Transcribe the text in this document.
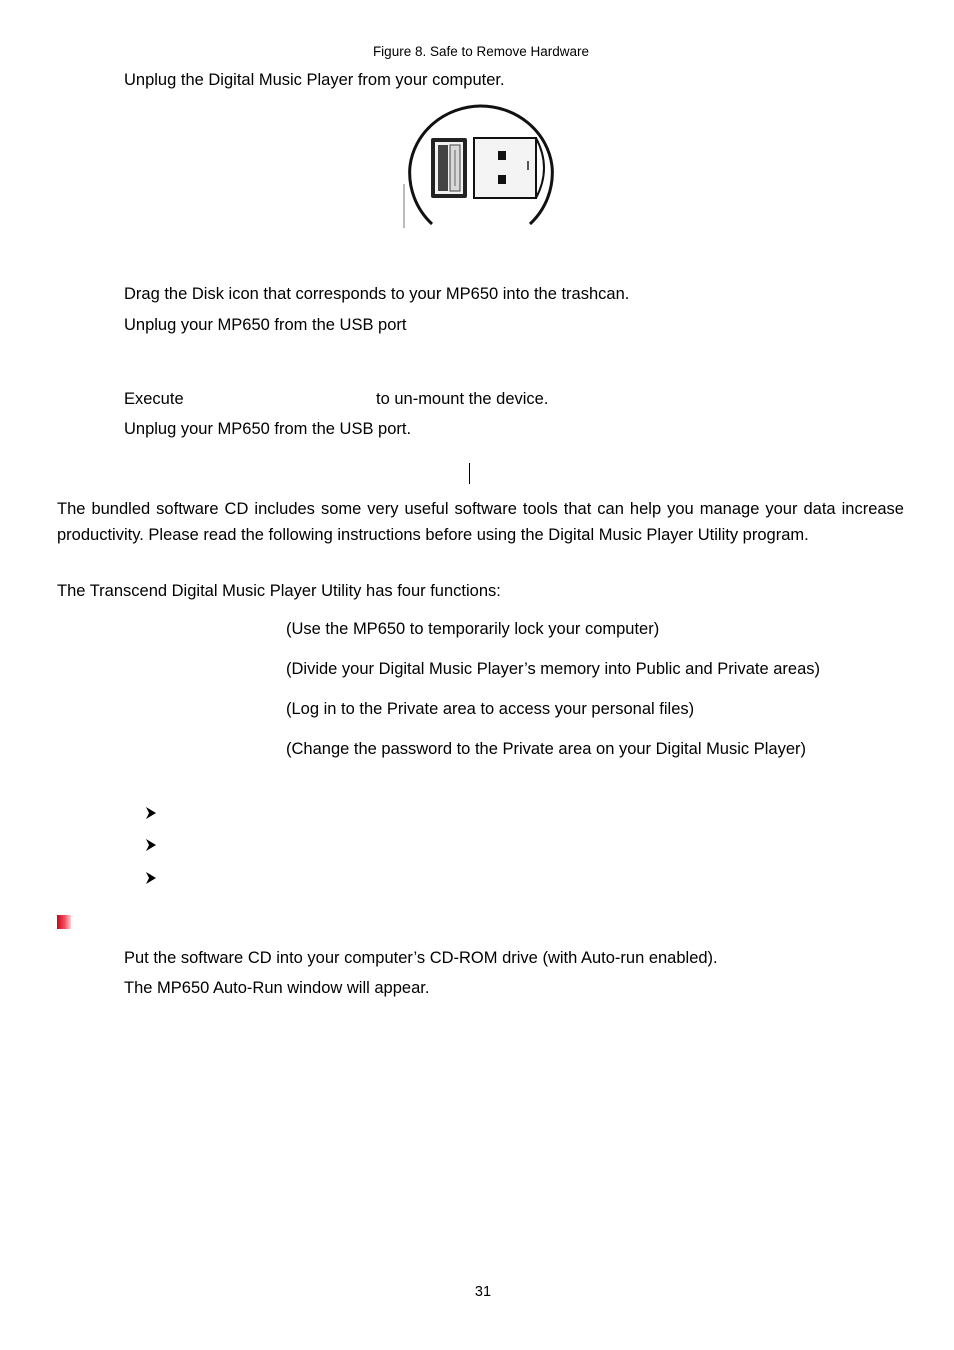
Figure 8. Safe to Remove Hardware
Unplug the Digital Music Player from your computer.
Drag the Disk icon that corresponds to your MP650 into the trashcan.
Unplug your MP650 from the USB port
Execute	to un-mount the device.
Unplug your MP650 from the USB port.
The bundled software CD includes some very useful software tools that can help you manage your data increase productivity. Please read the following instructions before using the Digital Music Player Utility program.
The Transcend Digital Music Player Utility has four functions:
(Use the MP650 to temporarily lock your computer)
(Divide your Digital Music Player’s memory into Public and Private areas)
(Log in to the Private area to access your personal files)
(Change the password to the Private area on your Digital Music Player)
Put the software CD into your computer’s CD-ROM drive (with Auto-run enabled).
The MP650 Auto-Run window will appear.
31
